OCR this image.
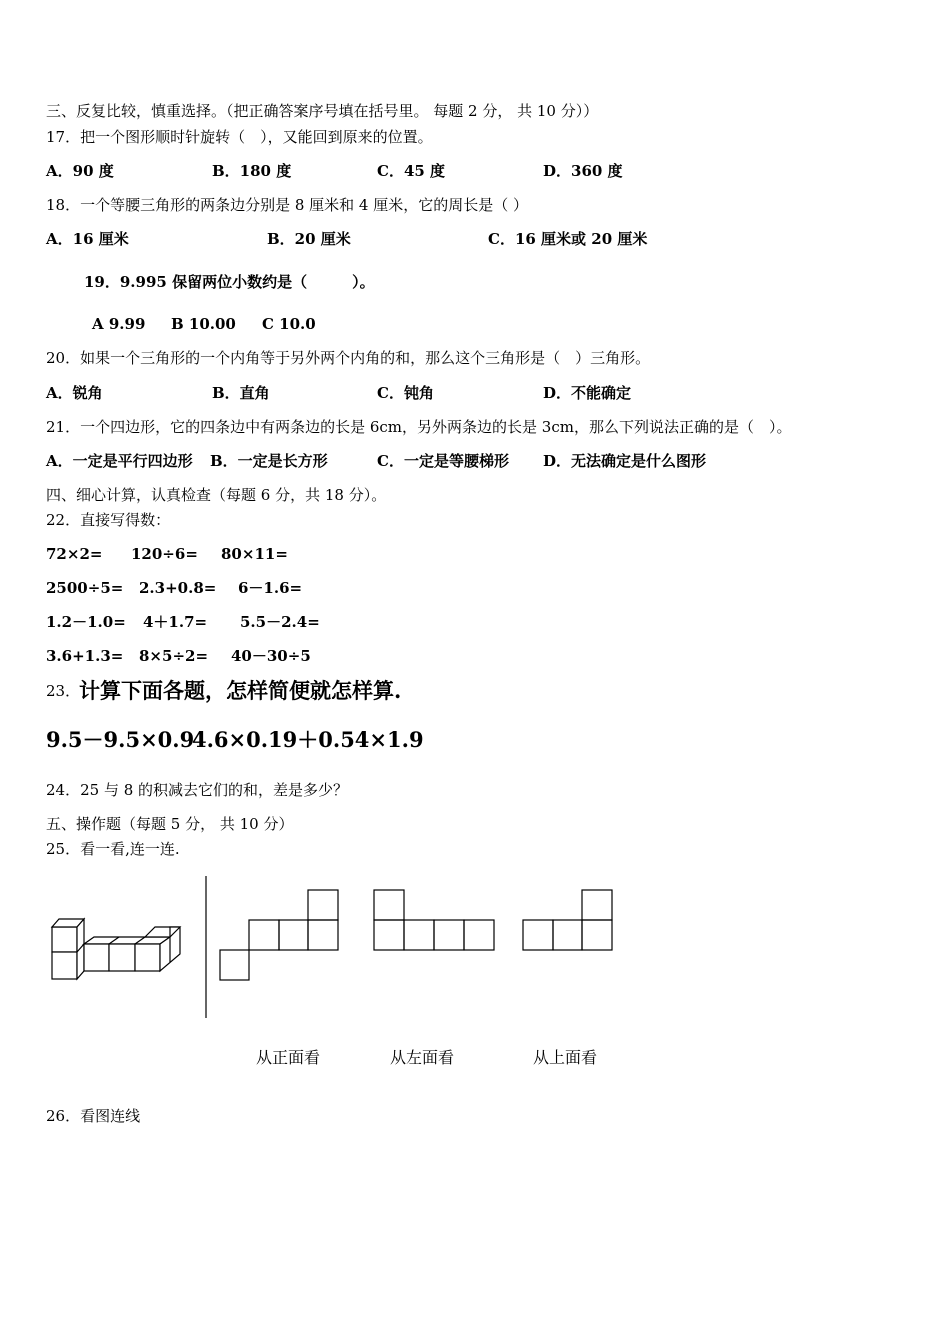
三、反复比较，慎重选择。（把正确答案序号填在括号里。 每题 2 分， 共 10 分））
17．把一个图形顺时针旋转（　），又能回到原来的位置。
A．90 度	B．180 度	C．45 度	D．360 度
18．一个等腰三角形的两条边分别是 8 厘米和 4 厘米，它的周长是（ ）
A．16 厘米	B．20 厘米	C．16 厘米或 20 厘米
19．9.995 保留两位小数约是（　　　）。
A 9.99 B 10.00 C 10.0
20．如果一个三角形的一个内角等于另外两个内角的和，那么这个三角形是（　）三角形。
A．锐角	B．直角	C．钝角	D．不能确定
21．一个四边形，它的四条边中有两条边的长是 6cm，另外两条边的长是 3cm，那么下列说法正确的是（　）。
A．一定是平行四边形 B．一定是长方形	C．一定是等腰梯形 D．无法确定是什么图形
四、细心计算，认真检查（每题 6 分，共 18 分）。
22．直接写得数：
72×2= 120÷6= 80×11=
2500÷5= 2.3+0.8= 6－1.6=
1.2－1.0= 4＋1.7= 5.5－2.4=
3.6+1.3= 8×5÷2= 40－30÷5
23．
计算下面各题，怎样简便就怎样算.
9.5－9.5×0.9
4.6×0.19＋0.54×1.9
24．25 与 8 的积减去它们的和，差是多少？
五、操作题（每题 5 分， 共 10 分）
25．看一看,连一连.
从正面看	从左面看	从上面看
26．看图连线
